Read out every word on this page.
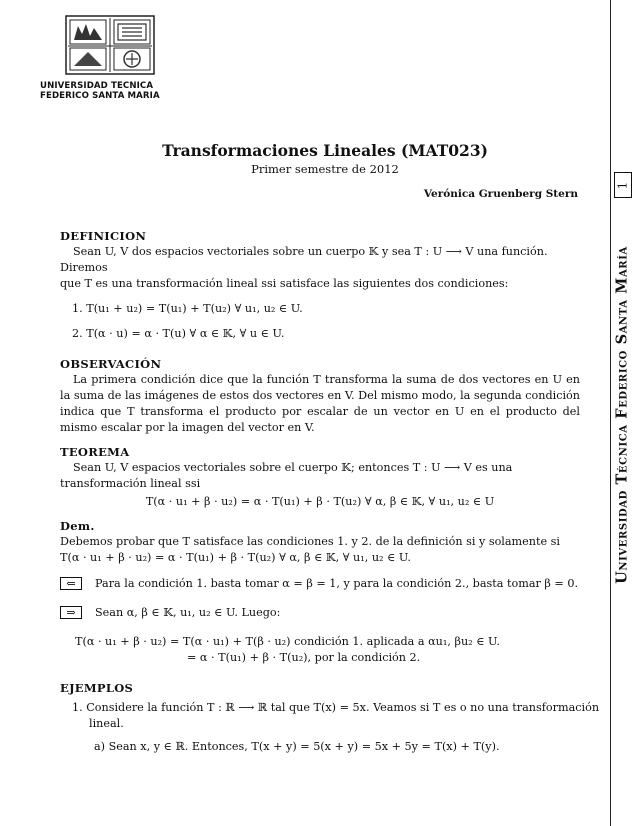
UNIVERSIDAD TECNICA
FEDERICO SANTA MARIA
1
Universidad Técnica Federico Santa María
Transformaciones Lineales (MAT023)
Primer semestre de 2012
Verónica Gruenberg Stern
DEFINICION
Sean U, V dos espacios vectoriales sobre un cuerpo 𝕂 y sea T : U ⟶ V una función. Diremos
que T es una transformación lineal ssi satisface las siguientes dos condiciones:
1. T(u₁ + u₂) = T(u₁) + T(u₂) ∀ u₁, u₂ ∈ U.
2. T(α · u) = α · T(u) ∀ α ∈ 𝕂, ∀ u ∈ U.
OBSERVACIÓN
La primera condición dice que la función T transforma la suma de dos vectores en U en la suma de las imágenes de estos dos vectores en V. Del mismo modo, la segunda condición indica que T transforma el producto por escalar de un vector en U en el producto del mismo escalar por la imagen del vector en V.
TEOREMA
Sean U, V espacios vectoriales sobre el cuerpo 𝕂; entonces T : U ⟶ V es una transformación lineal ssi
T(α · u₁ + β · u₂) = α · T(u₁) + β · T(u₂) ∀ α, β ∈ 𝕂, ∀ u₁, u₂ ∈ U
Dem.
Debemos probar que T satisface las condiciones 1. y 2. de la definición si y solamente si
T(α · u₁ + β · u₂) = α · T(u₁) + β · T(u₂) ∀ α, β ∈ 𝕂, ∀ u₁, u₂ ∈ U.
⇐	Para la condición 1. basta tomar α = β = 1, y para la condición 2., basta tomar β = 0.
⇒	Sean α, β ∈ 𝕂, u₁, u₂ ∈ U. Luego:
T(α · u₁ + β · u₂) = T(α · u₁) + T(β · u₂) condición 1. aplicada a αu₁, βu₂ ∈ U.
= α · T(u₁) + β · T(u₂), por la condición 2.
EJEMPLOS
1. Considere la función T : ℝ ⟶ ℝ tal que T(x) = 5x. Veamos si T es o no una transformación
lineal.
a) Sean x, y ∈ ℝ. Entonces, T(x + y) = 5(x + y) = 5x + 5y = T(x) + T(y).
